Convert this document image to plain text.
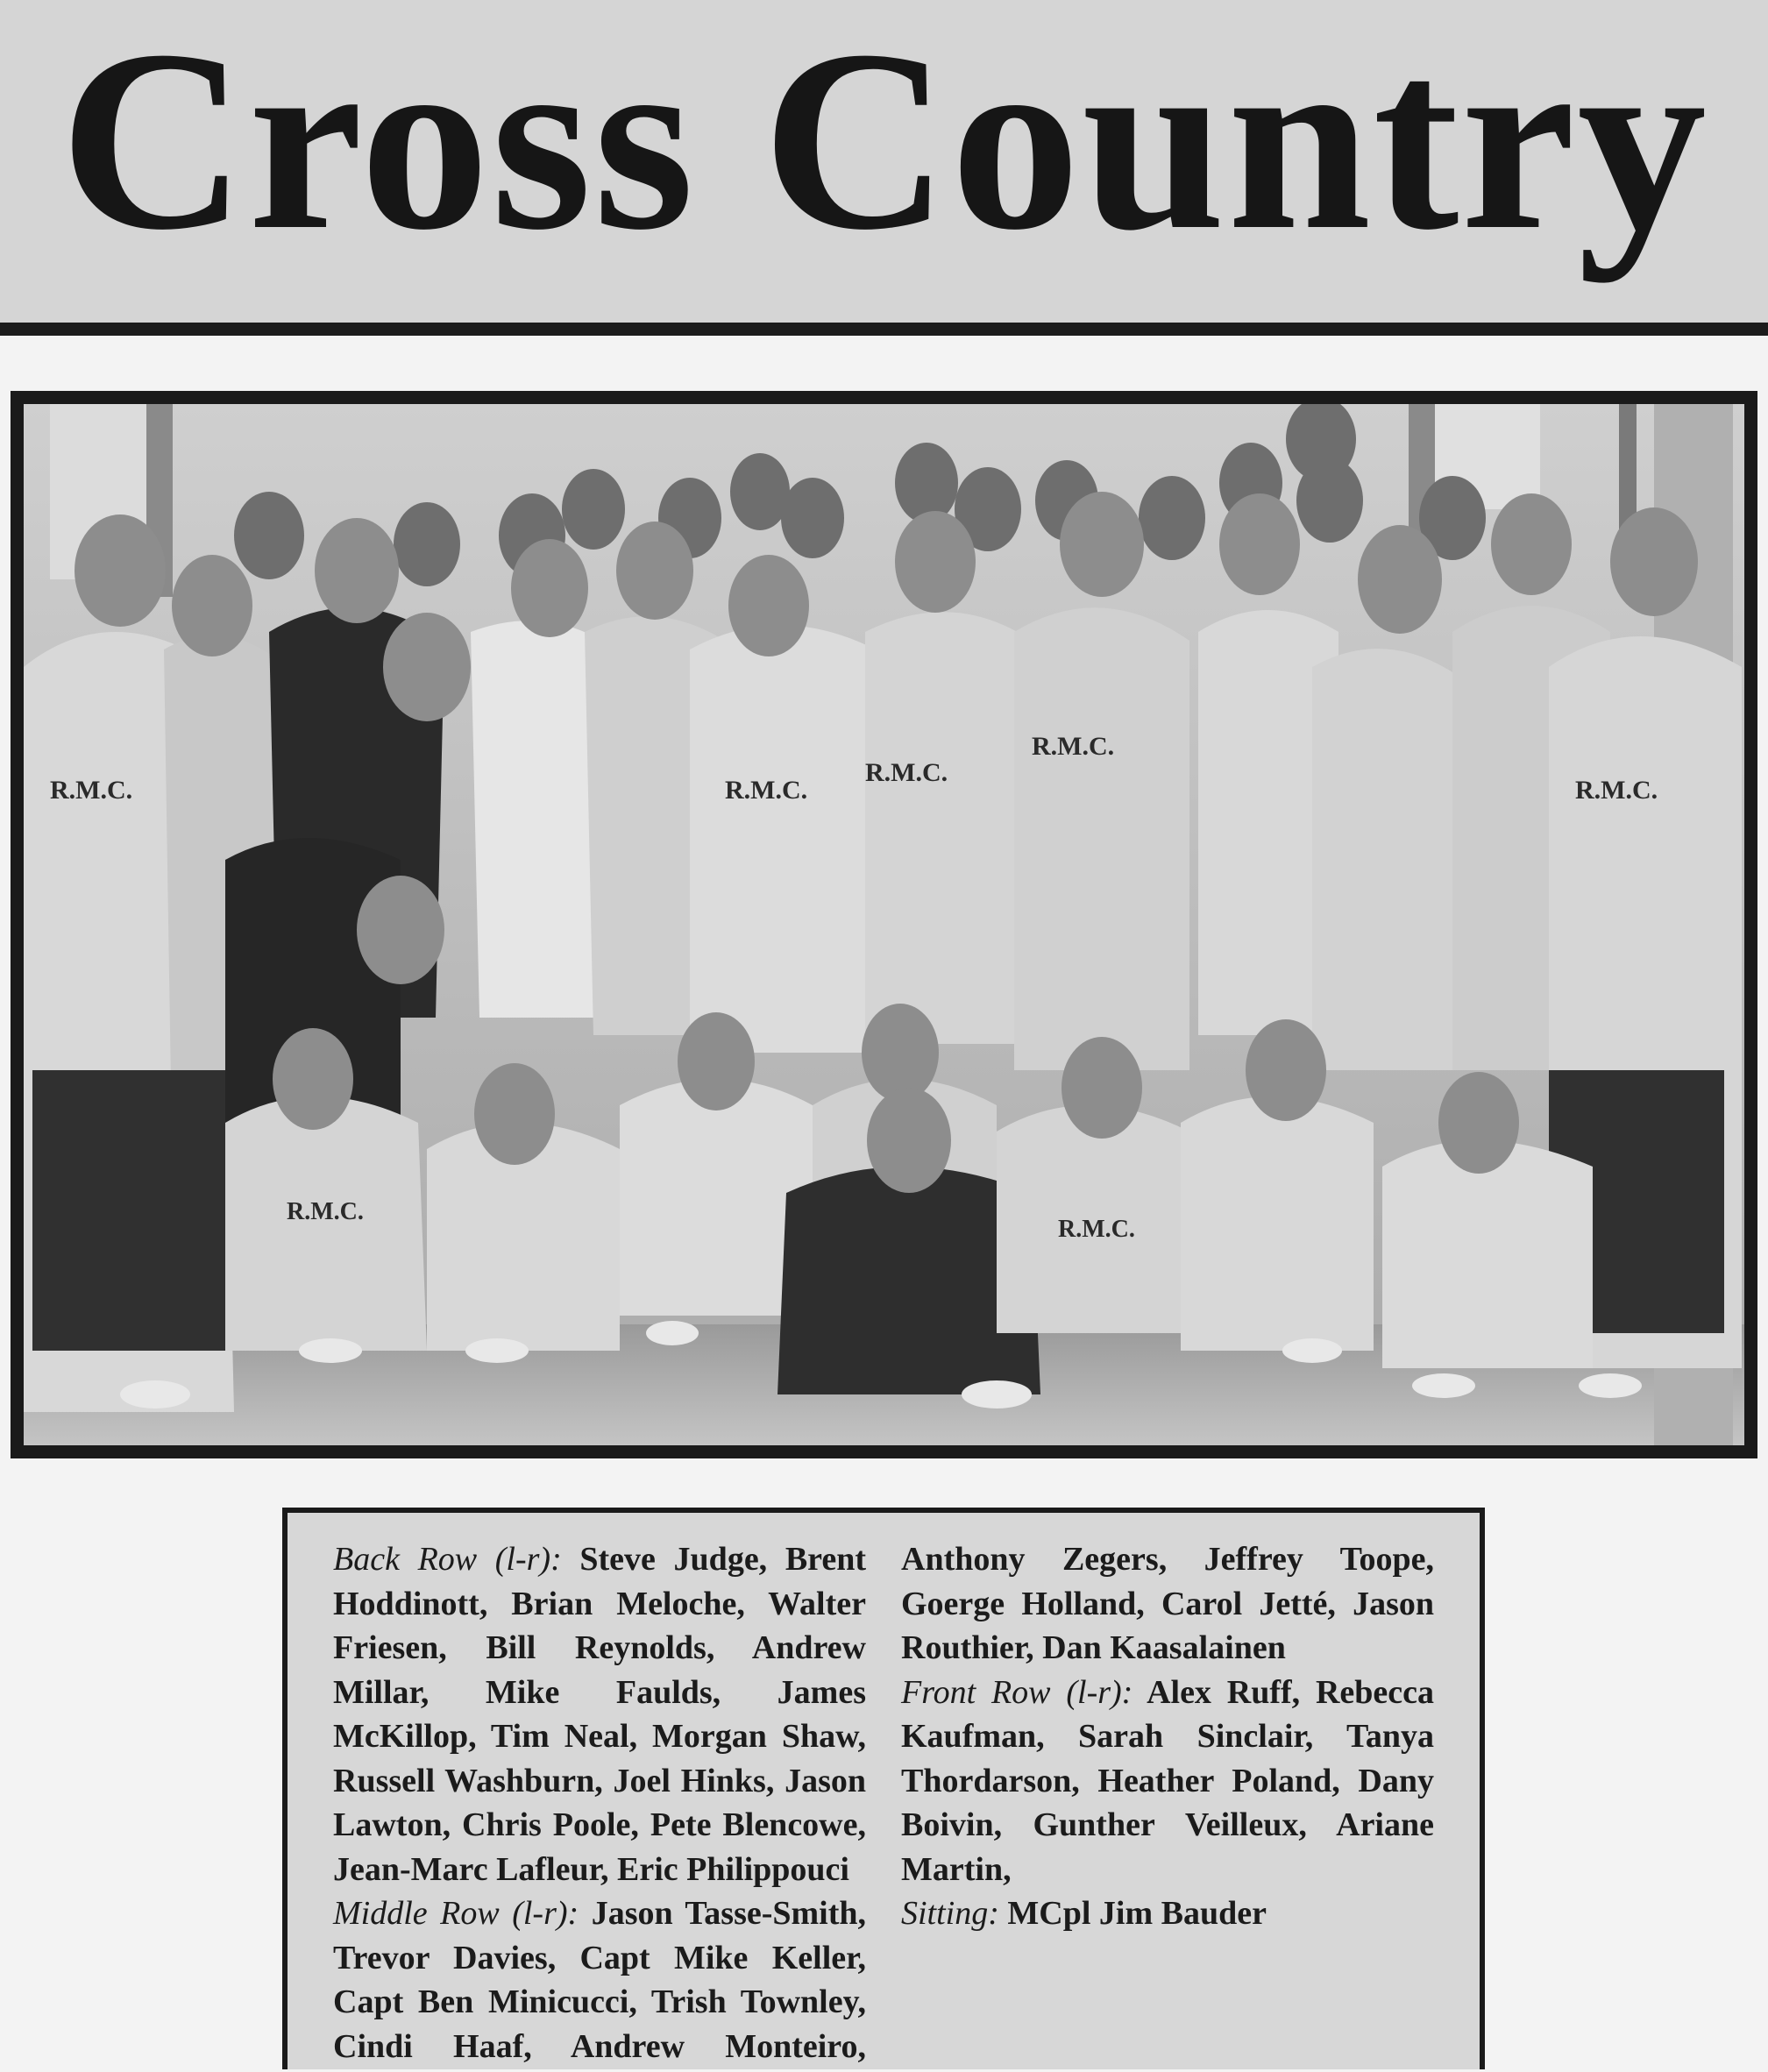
Cross Country
R.M.C.	R.M.C.
R.M.C.
R.M.C.
R.M.C.
R.M.C.
R.M.C.

Back Row (l-r): Steve Judge, Brent Hoddinott, Brian Meloche, Walter Friesen, Bill Reynolds, Andrew Millar, Mike Faulds, James McKillop, Tim Neal, Morgan Shaw, Russell Washburn, Joel Hinks, Jason Lawton, Chris Poole, Pete Blencowe, Jean-Marc Lafleur, Eric Philippouci

Middle Row (l-r): Jason Tasse-Smith, Trevor Davies, Capt Mike Keller, Capt Ben Minicucci, Trish Townley, Cindi Haaf, Andrew Monteiro, Anthony Zegers, Jeffrey Toope, Goerge Holland, Carol Jetté, Jason Routhier, Dan Kaasalainen

Front Row (l-r): Alex Ruff, Rebecca Kaufman, Sarah Sinclair, Tanya Thordarson, Heather Poland, Dany Boivin, Gunther Veilleux, Ariane Martin,

Sitting: MCpl Jim Bauder
